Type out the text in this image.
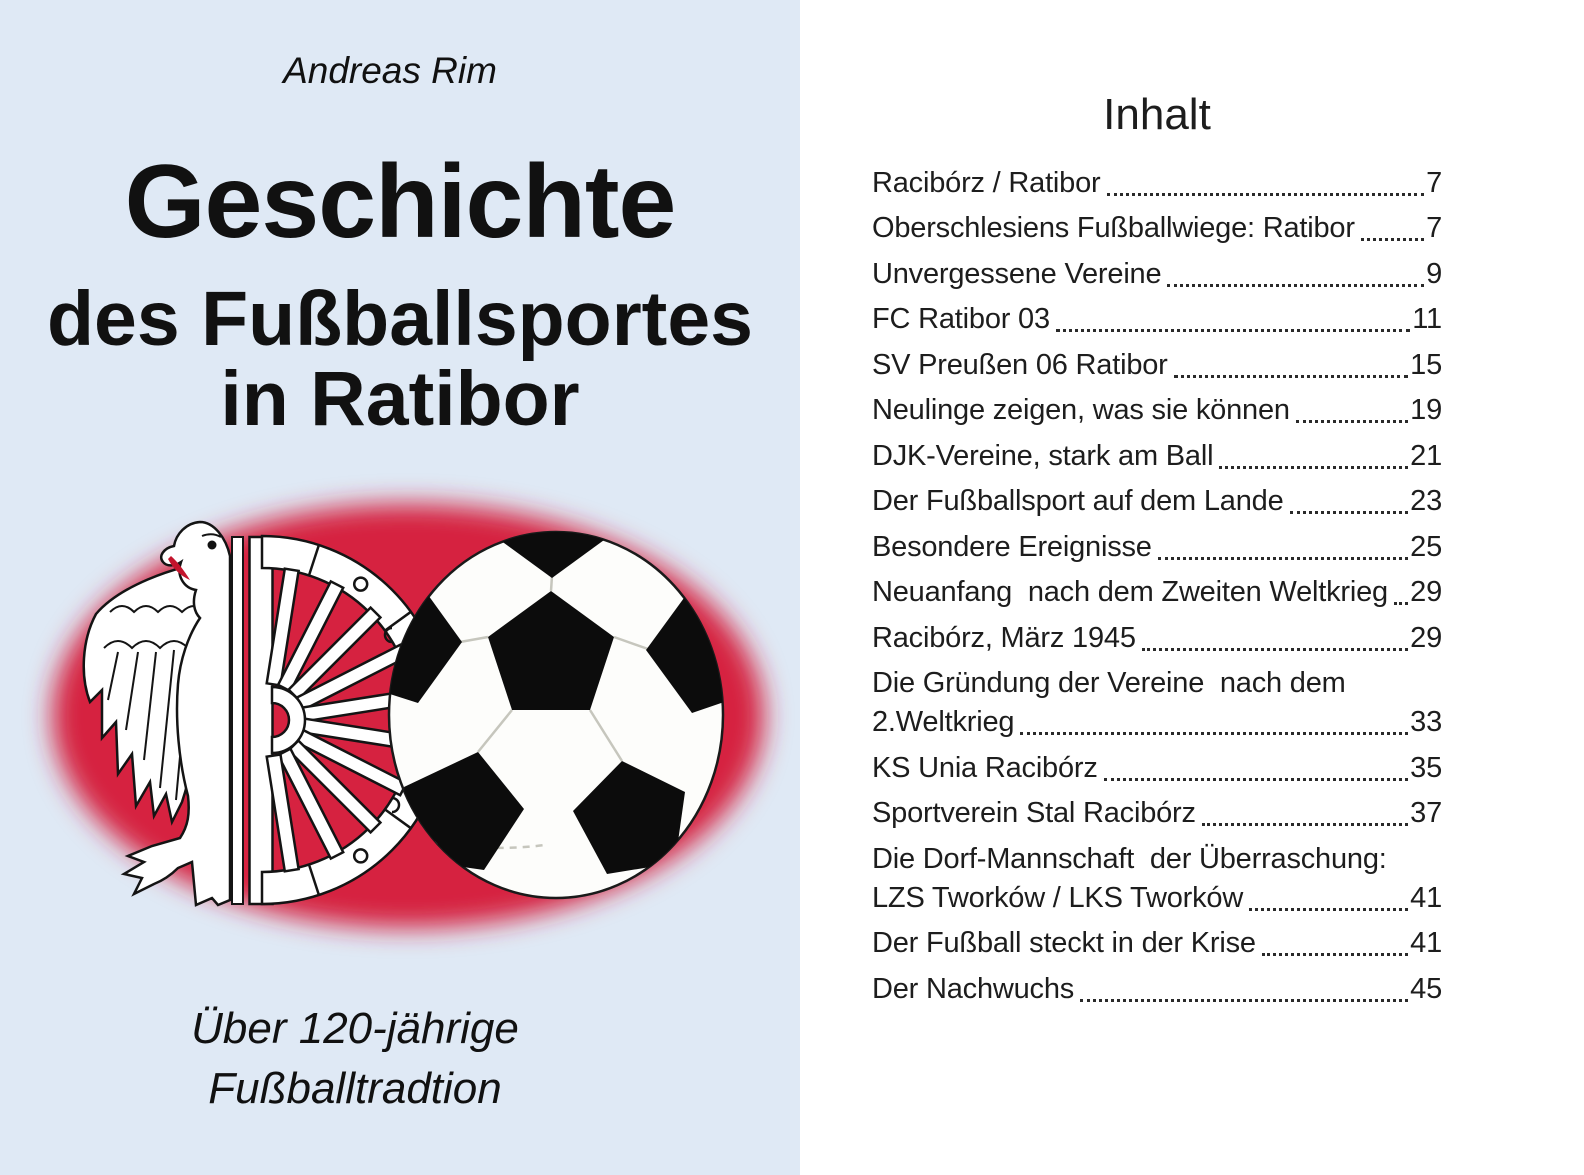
Andreas Rim
Geschichte
des Fußballsportes
in Ratibor
Über 120-jährige
Fußballtradtion
Inhalt
Racibórz / Ratibor	7
Oberschlesiens Fußballwiege: Ratibor 7
Unvergessene Vereine	9
FC Ratibor 03	11
SV Preußen 06 Ratibor	15
Neulinge zeigen, was sie können	19
DJK-Vereine, stark am Ball	21
Der Fußballsport auf dem Lande	23
Besondere Ereignisse	25
Neuanfang  nach dem Zweiten Weltkrieg 29
Racibórz, März 1945	29
Die Gründung der Vereine  nach dem
2.Weltkrieg	33
KS Unia Racibórz	35
Sportverein Stal Racibórz	37
Die Dorf-Mannschaft  der Überraschung:
LZS Tworków / LKS Tworków	41
Der Fußball steckt in der Krise	41
Der Nachwuchs	45
